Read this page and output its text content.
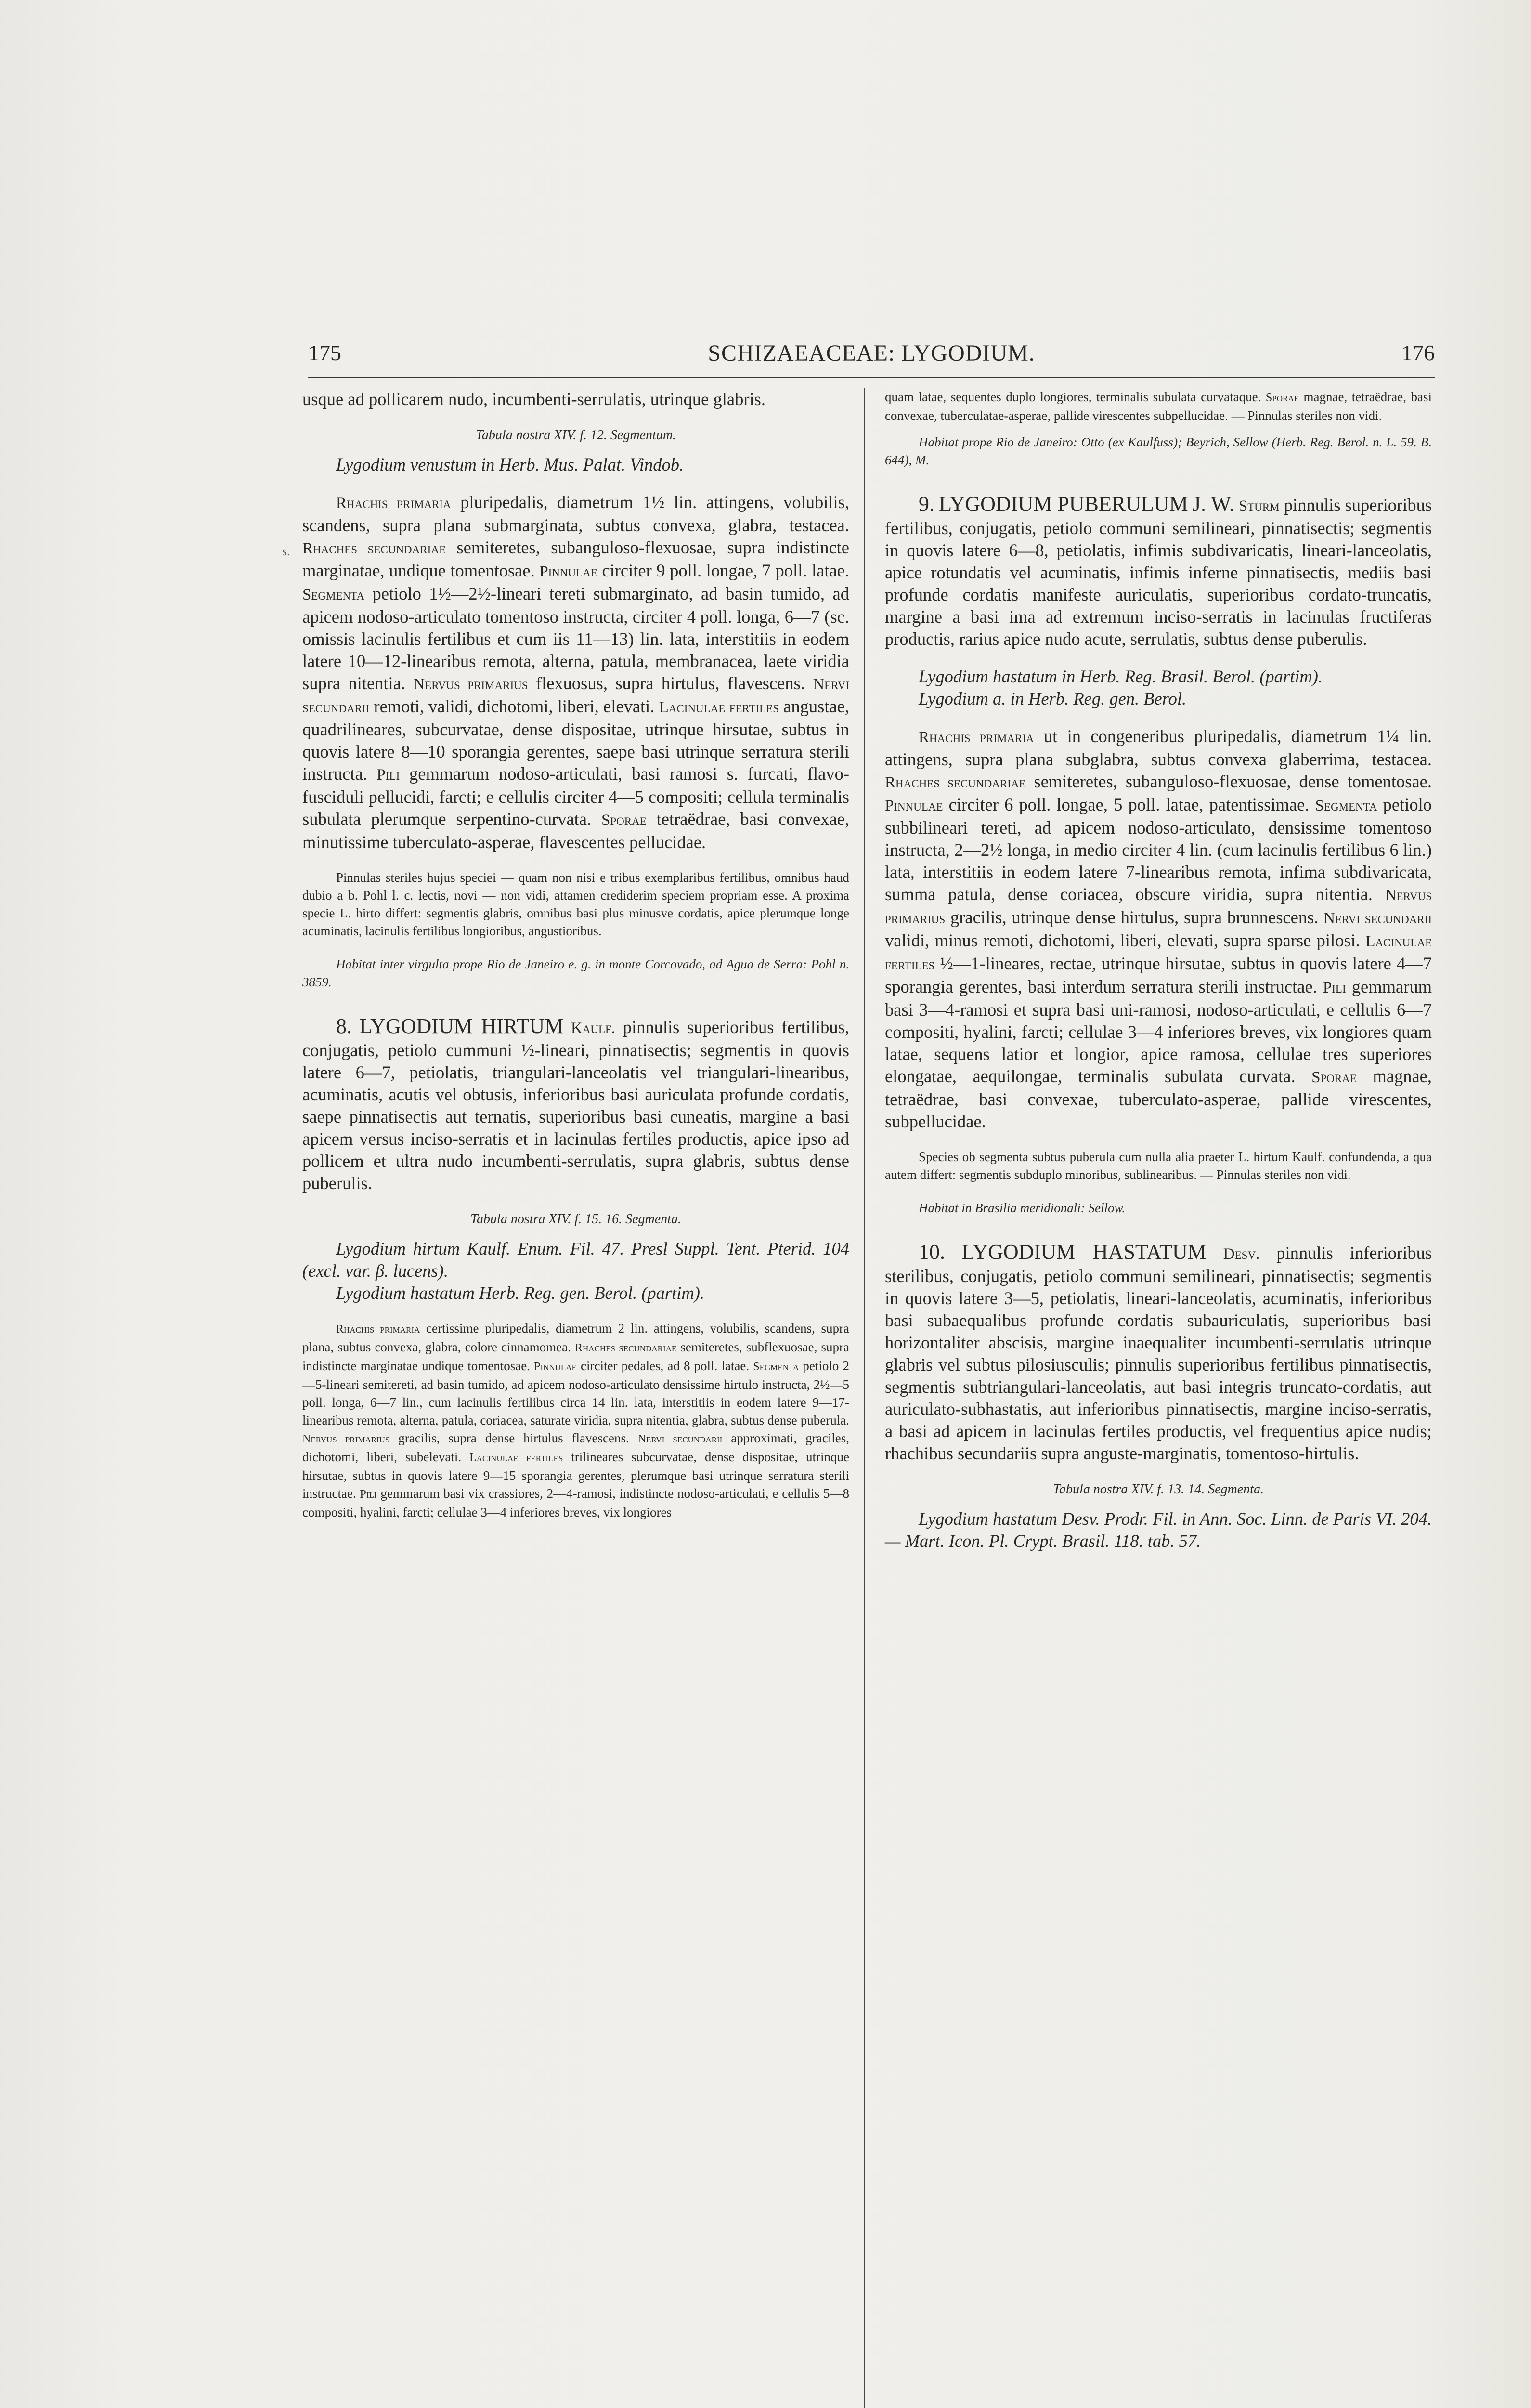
175	SCHIZAEACEAE: LYGODIUM.	176
s.

usque ad pollicarem nudo, incumbenti-serrulatis, utrinque glabris.

Tabula nostra XIV. f. 12. Segmentum.

Lygodium venustum in Herb. Mus. Palat. Vindob.

Rhachis primaria pluripedalis, diametrum 1½ lin. attingens, volubilis, scandens, supra plana submarginata, subtus convexa, glabra, testacea. Rhaches secundariae semiteretes, subanguloso-flexuosae, supra indistincte marginatae, undique tomentosae. Pinnulae circiter 9 poll. longae, 7 poll. latae. Segmenta petiolo 1½—2½-lineari tereti submarginato, ad basin tumido, ad apicem nodoso-articulato tomentoso instructa, circiter 4 poll. longa, 6—7 (sc. omissis lacinulis fertilibus et cum iis 11—13) lin. lata, interstitiis in eodem latere 10—12-linearibus remota, alterna, patula, membranacea, laete viridia supra nitentia. Nervus primarius flexuosus, supra hirtulus, flavescens. Nervi secundarii remoti, validi, dichotomi, liberi, elevati. Lacinulae fertiles angustae, quadrilineares, subcurvatae, dense dispositae, utrinque hirsutae, subtus in quovis latere 8—10 sporangia gerentes, saepe basi utrinque serratura sterili instructa. Pili gemmarum nodoso-articulati, basi ramosi s. furcati, flavo-fusciduli pellucidi, farcti; e cellulis circiter 4—5 compositi; cellula terminalis subulata plerumque serpentino-curvata. Sporae tetraëdrae, basi convexae, minutissime tuberculato-asperae, flavescentes pellucidae.

Pinnulas steriles hujus speciei — quam non nisi e tribus exemplaribus fertilibus, omnibus haud dubio a b. Pohl l. c. lectis, novi — non vidi, attamen crediderim speciem propriam esse. A proxima specie L. hirto differt: segmentis glabris, omnibus basi plus minusve cordatis, apice plerumque longe acuminatis, lacinulis fertilibus longioribus, angustioribus.

Habitat inter virgulta prope Rio de Janeiro e. g. in monte Corcovado, ad Agua de Serra: Pohl n. 3859.

8. LYGODIUM HIRTUM Kaulf. pinnulis superioribus fertilibus, conjugatis, petiolo cummuni ½-lineari, pinnatisectis; segmentis in quovis latere 6—7, petiolatis, triangulari-lanceolatis vel triangulari-linearibus, acuminatis, acutis vel obtusis, inferioribus basi auriculata profunde cordatis, saepe pinnatisectis aut ternatis, superioribus basi cuneatis, margine a basi apicem versus inciso-serratis et in lacinulas fertiles productis, apice ipso ad pollicem et ultra nudo incumbenti-serrulatis, supra glabris, subtus dense puberulis.

Tabula nostra XIV. f. 15. 16. Segmenta.

Lygodium hirtum Kaulf. Enum. Fil. 47. Presl Suppl. Tent. Pterid. 104 (excl. var. β. lucens).

Lygodium hastatum Herb. Reg. gen. Berol. (partim).

Rhachis primaria certissime pluripedalis, diametrum 2 lin. attingens, volubilis, scandens, supra plana, subtus convexa, glabra, colore cinnamomea. Rhaches secundariae semiteretes, subflexuosae, supra indistincte marginatae undique tomentosae. Pinnulae circiter pedales, ad 8 poll. latae. Segmenta petiolo 2—5-lineari semitereti, ad basin tumido, ad apicem nodoso-articulato densissime hirtulo instructa, 2½—5 poll. longa, 6—7 lin., cum lacinulis fertilibus circa 14 lin. lata, interstitiis in eodem latere 9—17-linearibus remota, alterna, patula, coriacea, saturate viridia, supra nitentia, glabra, subtus dense puberula. Nervus primarius gracilis, supra dense hirtulus flavescens. Nervi secundarii approximati, graciles, dichotomi, liberi, subelevati. Lacinulae fertiles trilineares subcurvatae, dense dispositae, utrinque hirsutae, subtus in quovis latere 9—15 sporangia gerentes, plerumque basi utrinque serratura sterili instructae. Pili gemmarum basi vix crassiores, 2—4-ramosi, indistincte nodoso-articulati, e cellulis 5—8 compositi, hyalini, farcti; cellulae 3—4 inferiores breves, vix longiores

quam latae, sequentes duplo longiores, terminalis subulata curvataque. Sporae magnae, tetraëdrae, basi convexae, tuberculatae-asperae, pallide virescentes subpellucidae. — Pinnulas steriles non vidi.

Habitat prope Rio de Janeiro: Otto (ex Kaulfuss); Beyrich, Sellow (Herb. Reg. Berol. n. L. 59. B. 644), M.

9. LYGODIUM PUBERULUM J. W. Sturm pinnulis superioribus fertilibus, conjugatis, petiolo communi semilineari, pinnatisectis; segmentis in quovis latere 6—8, petiolatis, infimis subdivaricatis, lineari-lanceolatis, apice rotundatis vel acuminatis, infimis inferne pinnatisectis, mediis basi profunde cordatis manifeste auriculatis, superioribus cordato-truncatis, margine a basi ima ad extremum inciso-serratis in lacinulas fructiferas productis, rarius apice nudo acute, serrulatis, subtus dense puberulis.

Lygodium hastatum in Herb. Reg. Brasil. Berol. (partim).

Lygodium a. in Herb. Reg. gen. Berol.

Rhachis primaria ut in congeneribus pluripedalis, diametrum 1¼ lin. attingens, supra plana subglabra, subtus convexa glaberrima, testacea. Rhaches secundariae semiteretes, subanguloso-flexuosae, dense tomentosae. Pinnulae circiter 6 poll. longae, 5 poll. latae, patentissimae. Segmenta petiolo subbilineari tereti, ad apicem nodoso-articulato, densissime tomentoso instructa, 2—2½ longa, in medio circiter 4 lin. (cum lacinulis fertilibus 6 lin.) lata, interstitiis in eodem latere 7-linearibus remota, infima subdivaricata, summa patula, dense coriacea, obscure viridia, supra nitentia. Nervus primarius gracilis, utrinque dense hirtulus, supra brunnescens. Nervi secundarii validi, minus remoti, dichotomi, liberi, elevati, supra sparse pilosi. Lacinulae fertiles ½—1-lineares, rectae, utrinque hirsutae, subtus in quovis latere 4—7 sporangia gerentes, basi interdum serratura sterili instructae. Pili gemmarum basi 3—4-ramosi et supra basi uni-ramosi, nodoso-articulati, e cellulis 6—7 compositi, hyalini, farcti; cellulae 3—4 inferiores breves, vix longiores quam latae, sequens latior et longior, apice ramosa, cellulae tres superiores elongatae, aequilongae, terminalis subulata curvata. Sporae magnae, tetraëdrae, basi convexae, tuberculato-asperae, pallide virescentes, subpellucidae.

Species ob segmenta subtus puberula cum nulla alia praeter L. hirtum Kaulf. confundenda, a qua autem differt: segmentis subduplo minoribus, sublinearibus. — Pinnulas steriles non vidi.

Habitat in Brasilia meridionali: Sellow.

10. LYGODIUM HASTATUM Desv. pinnulis inferioribus sterilibus, conjugatis, petiolo communi semilineari, pinnatisectis; segmentis in quovis latere 3—5, petiolatis, lineari-lanceolatis, acuminatis, inferioribus basi subaequalibus profunde cordatis subauriculatis, superioribus basi horizontaliter abscisis, margine inaequaliter incumbenti-serrulatis utrinque glabris vel subtus pilosiusculis; pinnulis superioribus fertilibus pinnatisectis, segmentis subtriangulari-lanceolatis, aut basi integris truncato-cordatis, aut auriculato-subhastatis, aut inferioribus pinnatisectis, margine inciso-serratis, a basi ad apicem in lacinulas fertiles productis, vel frequentius apice nudis; rhachibus secundariis supra anguste-marginatis, tomentoso-hirtulis.

Tabula nostra XIV. f. 13. 14. Segmenta.

Lygodium hastatum Desv. Prodr. Fil. in Ann. Soc. Linn. de Paris VI. 204. — Mart. Icon. Pl. Crypt. Brasil. 118. tab. 57.
